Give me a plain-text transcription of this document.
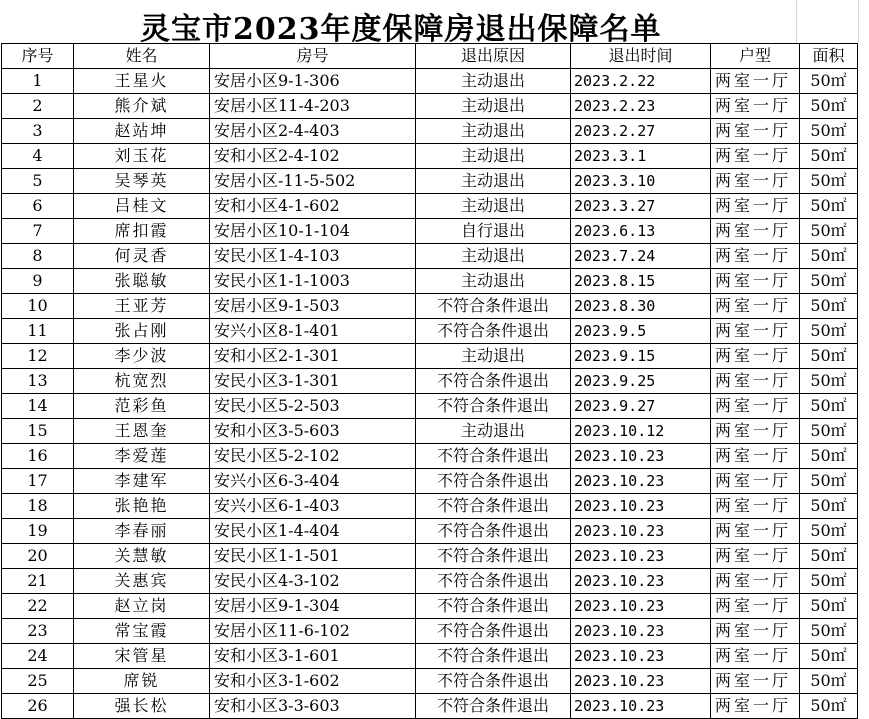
灵宝市2023年度保障房退出保障名单
序号	姓名	房号	退出原因	退出时间	户型	面积
1	王星火	安居小区9-1-306	主动退出	2023.2.22	两室一厅	50㎡
2	熊介斌	安居小区11-4-203	主动退出	2023.2.23	两室一厅	50㎡
3	赵站坤	安居小区2-4-403	主动退出	2023.2.27	两室一厅	50㎡
4	刘玉花	安和小区2-4-102	主动退出	2023.3.1	两室一厅	50㎡
5	吴琴英	安居小区-11-5-502	主动退出	2023.3.10	两室一厅	50㎡
6	吕桂文	安和小区4-1-602	主动退出	2023.3.27	两室一厅	50㎡
7	席扣霞	安居小区10-1-104	自行退出	2023.6.13	两室一厅	50㎡
8	何灵香	安民小区1-4-103	主动退出	2023.7.24	两室一厅	50㎡
9	张聪敏	安民小区1-1-1003	主动退出	2023.8.15	两室一厅	50㎡
10	王亚芳	安居小区9-1-503	不符合条件退出	2023.8.30	两室一厅	50㎡
11	张占刚	安兴小区8-1-401	不符合条件退出	2023.9.5	两室一厅	50㎡
12	李少波	安和小区2-1-301	主动退出	2023.9.15	两室一厅	50㎡
13	杭宽烈	安民小区3-1-301	不符合条件退出	2023.9.25	两室一厅	50㎡
14	范彩鱼	安民小区5-2-503	不符合条件退出	2023.9.27	两室一厅	50㎡
15	王恩奎	安和小区3-5-603	主动退出	2023.10.12	两室一厅	50㎡
16	李爱莲	安民小区5-2-102	不符合条件退出	2023.10.23	两室一厅	50㎡
17	李建军	安兴小区6-3-404	不符合条件退出	2023.10.23	两室一厅	50㎡
18	张艳艳	安兴小区6-1-403	不符合条件退出	2023.10.23	两室一厅	50㎡
19	李春丽	安民小区1-4-404	不符合条件退出	2023.10.23	两室一厅	50㎡
20	关慧敏	安民小区1-1-501	不符合条件退出	2023.10.23	两室一厅	50㎡
21	关惠宾	安民小区4-3-102	不符合条件退出	2023.10.23	两室一厅	50㎡
22	赵立岗	安居小区9-1-304	不符合条件退出	2023.10.23	两室一厅	50㎡
23	常宝霞	安居小区11-6-102	不符合条件退出	2023.10.23	两室一厅	50㎡
24	宋管星	安和小区3-1-601	不符合条件退出	2023.10.23	两室一厅	50㎡
25	席锐	安和小区3-1-602	不符合条件退出	2023.10.23	两室一厅	50㎡
26	强长松	安和小区3-3-603	不符合条件退出	2023.10.23	两室一厅	50㎡
